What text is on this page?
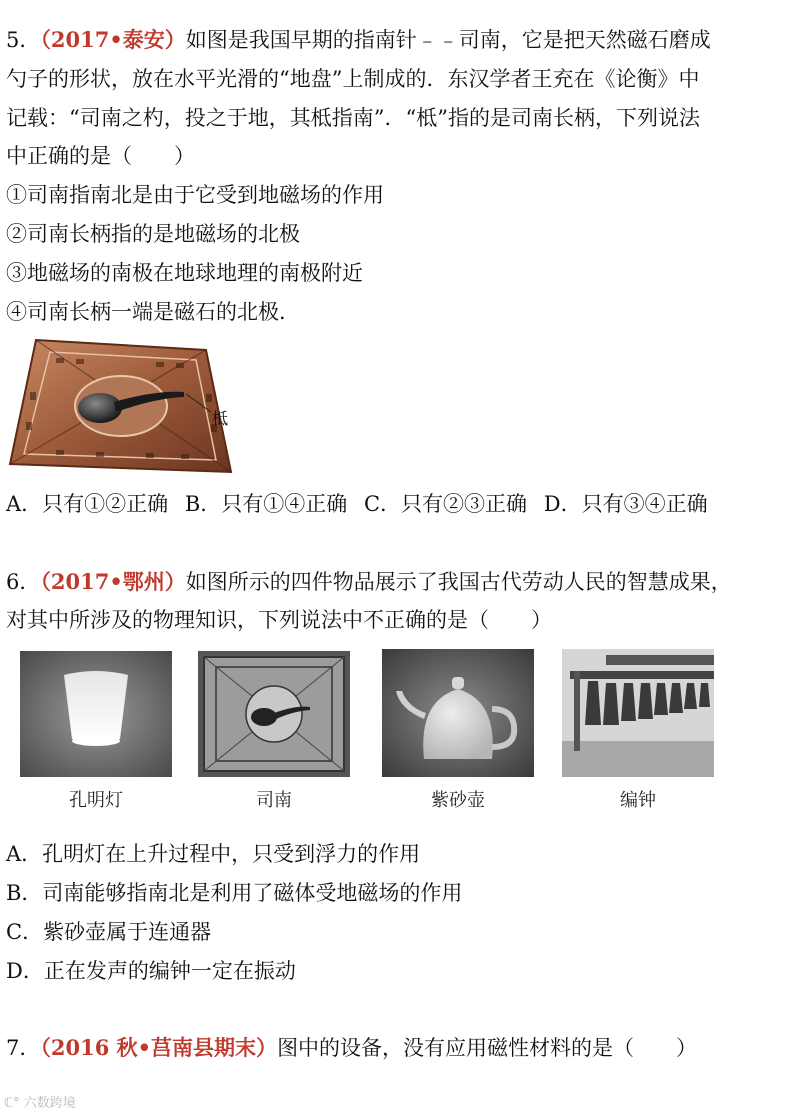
5．（2017•泰安）如图是我国早期的指南针﹣﹣司南，它是把天然磁石磨成
勺子的形状，放在水平光滑的“地盘”上制成的．东汉学者王充在《论衡》中
记载：“司南之杓，投之于地，其柢指南”．“柢”指的是司南长柄，下列说法
中正确的是（　　）
①司南指南北是由于它受到地磁场的作用
②司南长柄指的是地磁场的北极
③地磁场的南极在地球地理的南极附近
④司南长柄一端是磁石的北极．
柢
A．只有①②正确 B．只有①④正确 C．只有②③正确 D．只有③④正确
6．（2017•鄂州）如图所示的四件物品展示了我国古代劳动人民的智慧成果，
对其中所涉及的物理知识，下列说法中不正确的是（　　）
孔明灯	司南	紫砂壶	编钟
A．孔明灯在上升过程中，只受到浮力的作用
B．司南能够指南北是利用了磁体受地磁场的作用
C．紫砂壶属于连通器
D．正在发声的编钟一定在振动
7．（2016 秋•莒南县期末）图中的设备，没有应用磁性材料的是（　　）
ℂ° 六数跨境
